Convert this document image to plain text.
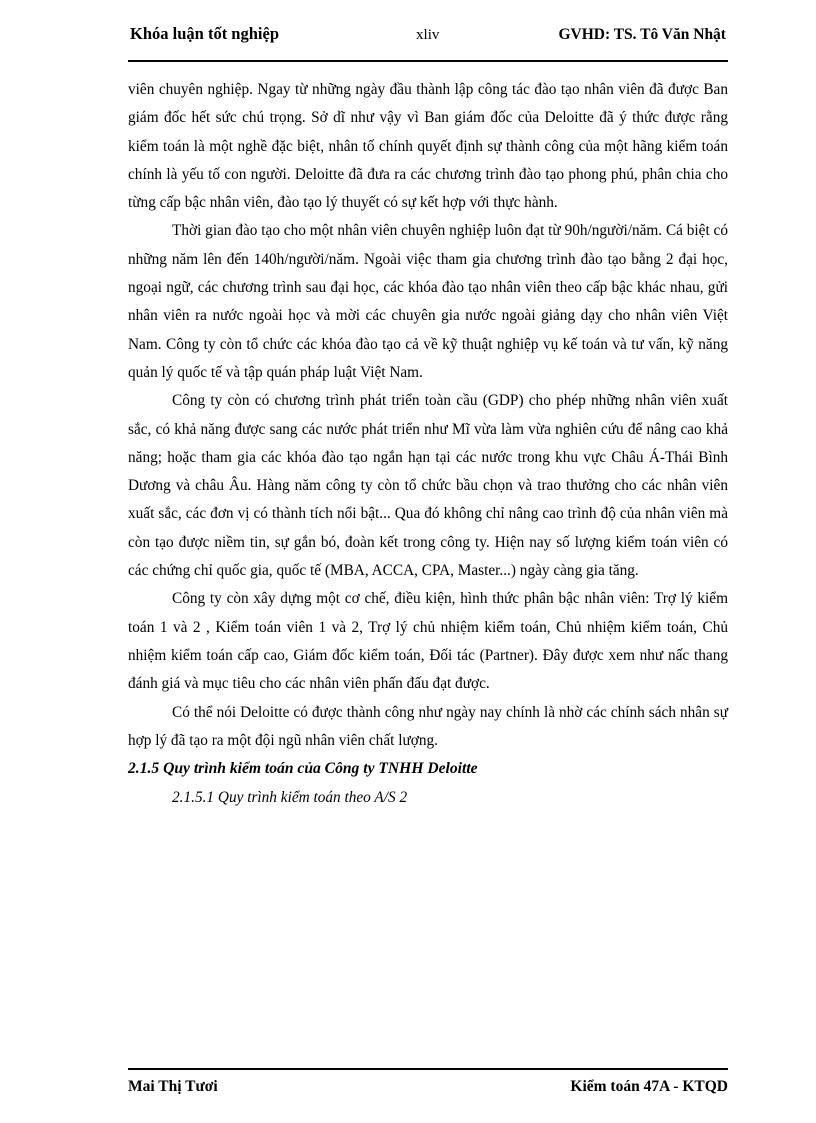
Khóa luận tốt nghiệp	xliv	GVHD: TS. Tô Văn Nhật

viên chuyên nghiệp. Ngay từ những ngày đầu thành lập công tác đào tạo nhân viên đã được Ban giám đốc hết sức chú trọng. Sở dĩ như vậy vì Ban giám đốc của Deloitte đã ý thức được rằng kiểm toán là một nghề đặc biệt, nhân tố chính quyết định sự thành công của một hãng kiểm toán chính là yếu tố con người. Deloitte đã đưa ra các chương trình đào tạo phong phú, phân chia cho từng cấp bậc nhân viên, đào tạo lý thuyết có sự kết hợp với thực hành.

Thời gian đào tạo cho một nhân viên chuyên nghiệp luôn đạt từ 90h/người/năm. Cá biệt có những năm lên đến 140h/người/năm. Ngoài việc tham gia chương trình đào tạo bằng 2 đại học, ngoại ngữ, các chương trình sau đại học, các khóa đào tạo nhân viên theo cấp bậc khác nhau, gửi nhân viên ra nước ngoài học và mời các chuyên gia nước ngoài giảng dạy cho nhân viên Việt Nam. Công ty còn tổ chức các khóa đào tạo cả về kỹ thuật nghiệp vụ kế toán và tư vấn, kỹ năng quản lý quốc tế và tập quán pháp luật Việt Nam.

Công ty còn có chương trình phát triển toàn cầu (GDP) cho phép những nhân viên xuất sắc, có khả năng được sang các nước phát triển như Mĩ vừa làm vừa nghiên cứu để nâng cao khả năng; hoặc tham gia các khóa đào tạo ngắn hạn tại các nước trong khu vực Châu Á-Thái Bình Dương và châu Âu. Hàng năm công ty còn tổ chức bầu chọn và trao thưởng cho các nhân viên xuất sắc, các đơn vị có thành tích nổi bật... Qua đó không chỉ nâng cao trình độ của nhân viên mà còn tạo được niềm tin, sự gắn bó, đoàn kết trong công ty. Hiện nay số lượng kiểm toán viên có các chứng chỉ quốc gia, quốc tế (MBA, ACCA, CPA, Master...) ngày càng gia tăng.

Công ty còn xây dựng một cơ chế, điều kiện, hình thức phân bậc nhân viên: Trợ lý kiểm toán 1 và 2 , Kiểm toán viên 1 và 2, Trợ lý chủ nhiệm kiểm toán, Chủ nhiệm kiểm toán, Chủ nhiệm kiểm toán cấp cao, Giám đốc kiểm toán, Đối tác (Partner). Đây được xem như nấc thang đánh giá và mục tiêu cho các nhân viên phấn đấu đạt được.

Có thể nói Deloitte có được thành công như ngày nay chính là nhờ các chính sách nhân sự hợp lý đã tạo ra một đội ngũ nhân viên chất lượng.

2.1.5 Quy trình kiểm toán của Công ty TNHH Deloitte

2.1.5.1 Quy trình kiểm toán theo A/S 2

Mai Thị Tươi	Kiểm toán 47A - KTQD
